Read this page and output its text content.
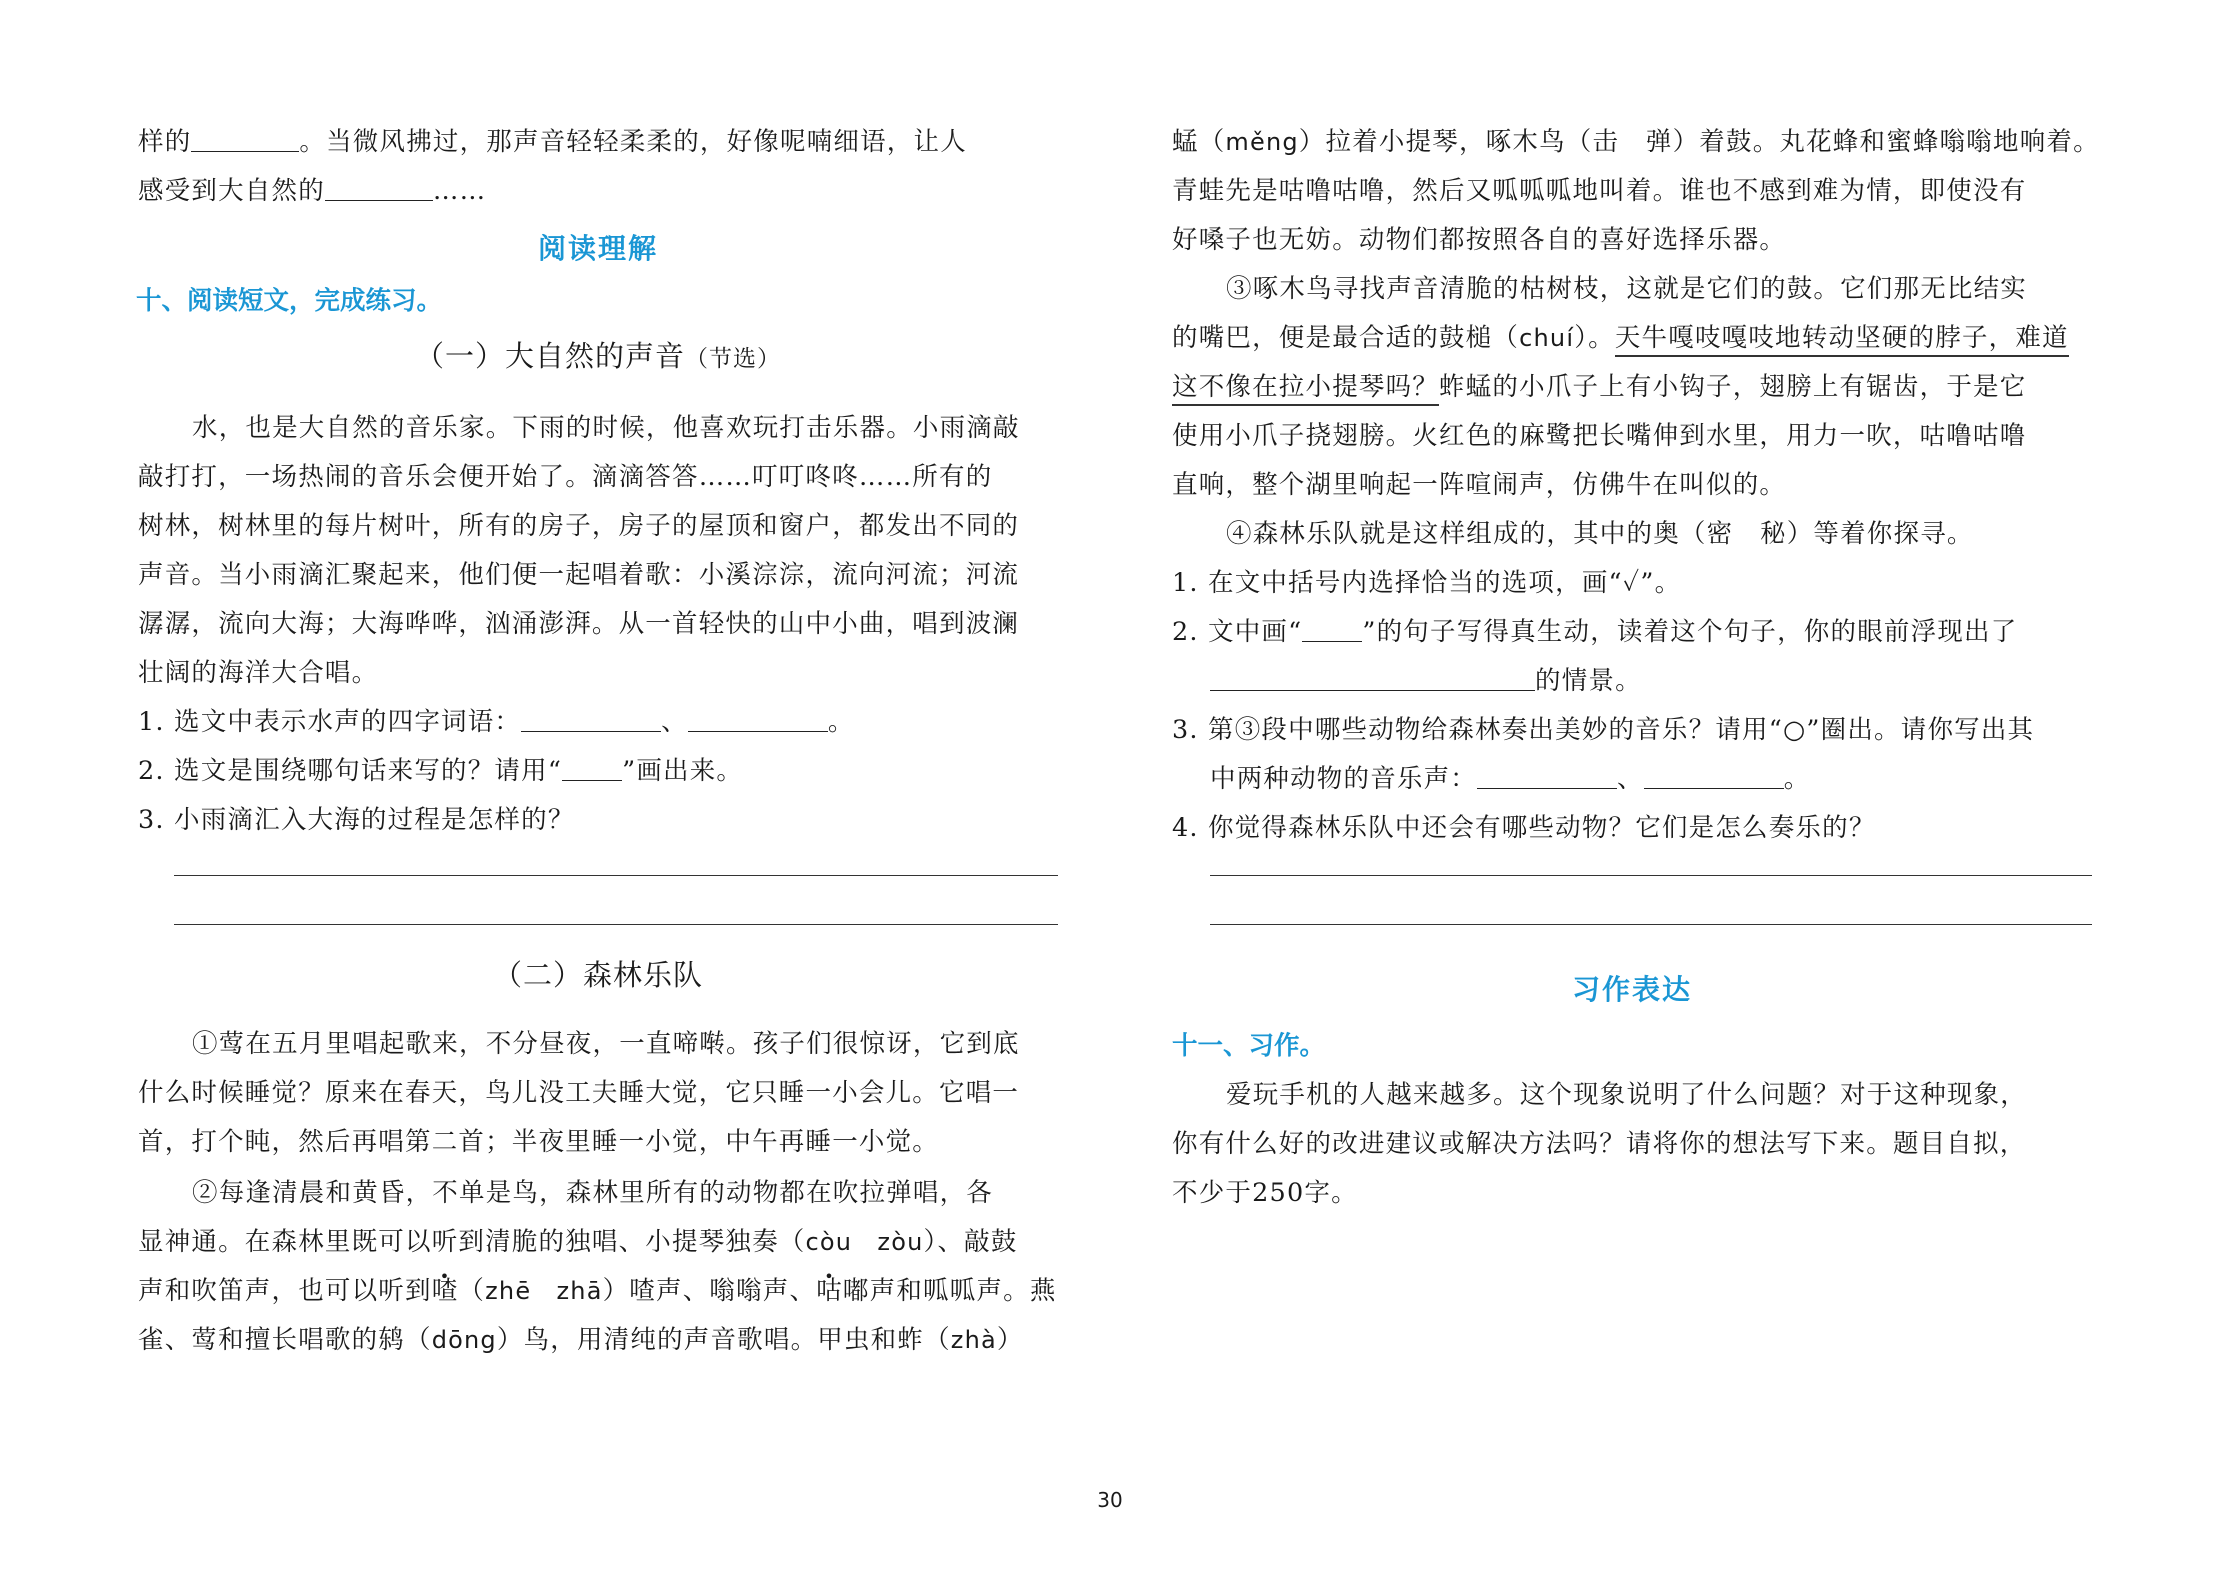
样的	。当微风拂过，那声音轻轻柔柔的，好像呢喃细语，让人

感受到大自然的	……

阅读理解

十、阅读短文，完成练习。

（一）大自然的声音（节选）

水，也是大自然的音乐家。下雨的时候，他喜欢玩打击乐器。小雨滴敲

敲打打，一场热闹的音乐会便开始了。滴滴答答……叮叮咚咚……所有的

树林，树林里的每片树叶，所有的房子，房子的屋顶和窗户，都发出不同的

声音。当小雨滴汇聚起来，他们便一起唱着歌：小溪淙淙，流向河流；河流

潺潺，流向大海；大海哗哗，汹涌澎湃。从一首轻快的山中小曲，唱到波澜

壮阔的海洋大合唱。

1. 选文中表示水声的四字词语：	、	。

2. 选文是围绕哪句话来写的？请用“ ”画出来。

3. 小雨滴汇入大海的过程是怎样的？

（二）森林乐队

①莺在五月里唱起歌来，不分昼夜，一直啼啭。孩子们很惊讶，它到底

什么时候睡觉？原来在春天，鸟儿没工夫睡大觉，它只睡一小会儿。它唱一

首，打个盹，然后再唱第二首；半夜里睡一小觉，中午再睡一小觉。

②每逢清晨和黄昏，不单是鸟，森林里所有的动物都在吹拉弹唱，各

显神通。在森林里既可以听到清脆的独唱、小提琴独奏（còu　zòu）、敲鼓

声和吹笛声，也可以听到喳（zhē　zhā）喳声、嗡嗡声、咕嘟声和呱呱声。燕

雀、莺和擅长唱歌的鸫（dōng）鸟，用清纯的声音歌唱。甲虫和蚱（zhà）

蜢（měng）拉着小提琴，啄木鸟（击　弹）着鼓。丸花蜂和蜜蜂嗡嗡地响着。

青蛙先是咕噜咕噜，然后又呱呱呱地叫着。谁也不感到难为情，即使没有

好嗓子也无妨。动物们都按照各自的喜好选择乐器。

③啄木鸟寻找声音清脆的枯树枝，这就是它们的鼓。它们那无比结实

的嘴巴，便是最合适的鼓槌（chuí）。天牛嘎吱嘎吱地转动坚硬的脖子，难道

这不像在拉小提琴吗？蚱蜢的小爪子上有小钩子，翅膀上有锯齿，于是它

使用小爪子挠翅膀。火红色的麻鹭把长嘴伸到水里，用力一吹，咕噜咕噜

直响，整个湖里响起一阵喧闹声，仿佛牛在叫似的。

④森林乐队就是这样组成的，其中的奥（密　秘）等着你探寻。

1. 在文中括号内选择恰当的选项，画“✓”。

2. 文中画“ ”的句子写得真生动，读着这个句子，你的眼前浮现出了

的情景。

3. 第③段中哪些动物给森林奏出美妙的音乐？请用“○”圈出。请你写出其

中两种动物的音乐声：	、	。

4. 你觉得森林乐队中还会有哪些动物？它们是怎么奏乐的？

习作表达

十一、习作。

爱玩手机的人越来越多。这个现象说明了什么问题？对于这种现象，

你有什么好的改进建议或解决方法吗？请将你的想法写下来。题目自拟，

不少于250字。

30
